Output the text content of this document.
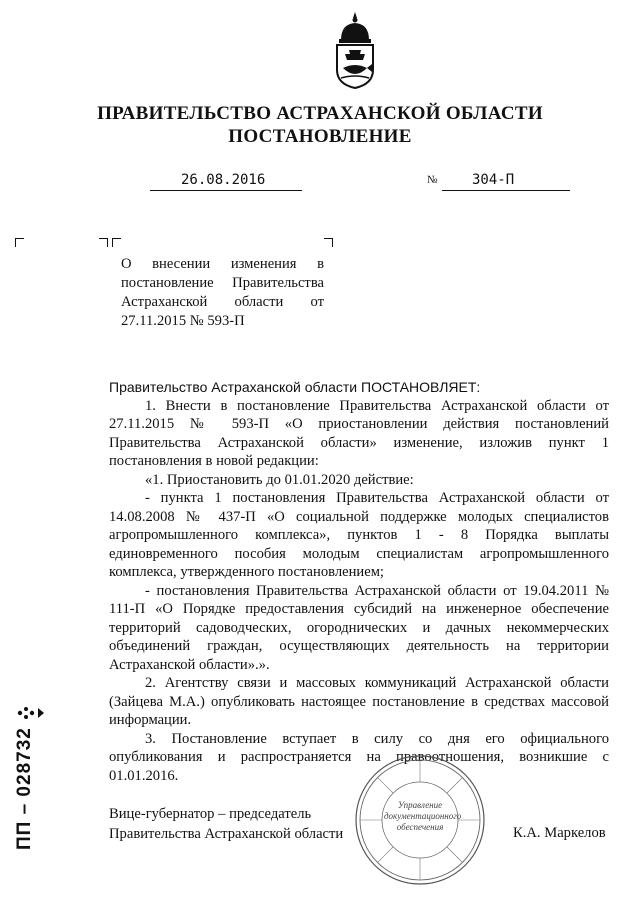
ПРАВИТЕЛЬСТВО АСТРАХАНСКОЙ ОБЛАСТИ
ПОСТАНОВЛЕНИЕ
26.08.2016	№ 304-П
О внесении изменения в постановление Правительства Астраханской области от 27.11.2015 № 593-П

Правительство Астраханской области ПОСТАНОВЛЯЕТ:

1. Внести в постановление Правительства Астраханской области от 27.11.2015 № 593-П «О приостановлении действия постановлений Правительства Астраханской области» изменение, изложив пункт 1 постановления в новой редакции:

«1. Приостановить до 01.01.2020 действие:

- пункта 1 постановления Правительства Астраханской области от 14.08.2008 № 437-П «О социальной поддержке молодых специалистов агропромышленного комплекса», пунктов 1 - 8 Порядка выплаты единовременного пособия молодым специалистам агропромышленного комплекса, утвержденного постановлением;

- постановления Правительства Астраханской области от 19.04.2011 № 111-П «О Порядке предоставления субсидий на инженерное обеспечение территорий садоводческих, огороднических и дачных некоммерческих объединений граждан, осуществляющих деятельность на территории Астраханской области».».

2. Агентству связи и массовых коммуникаций Астраханской области (Зайцева М.А.) опубликовать настоящее постановление в средствах массовой информации.

3. Постановление вступает в силу со дня его официального опубликования и распространяется на правоотношения, возникшие с 01.01.2016.

Управление
документационного
обеспечения
Вице-губернатор – председатель
Правительства Астраханской области	К.А. Маркелов
ПП – 028732
